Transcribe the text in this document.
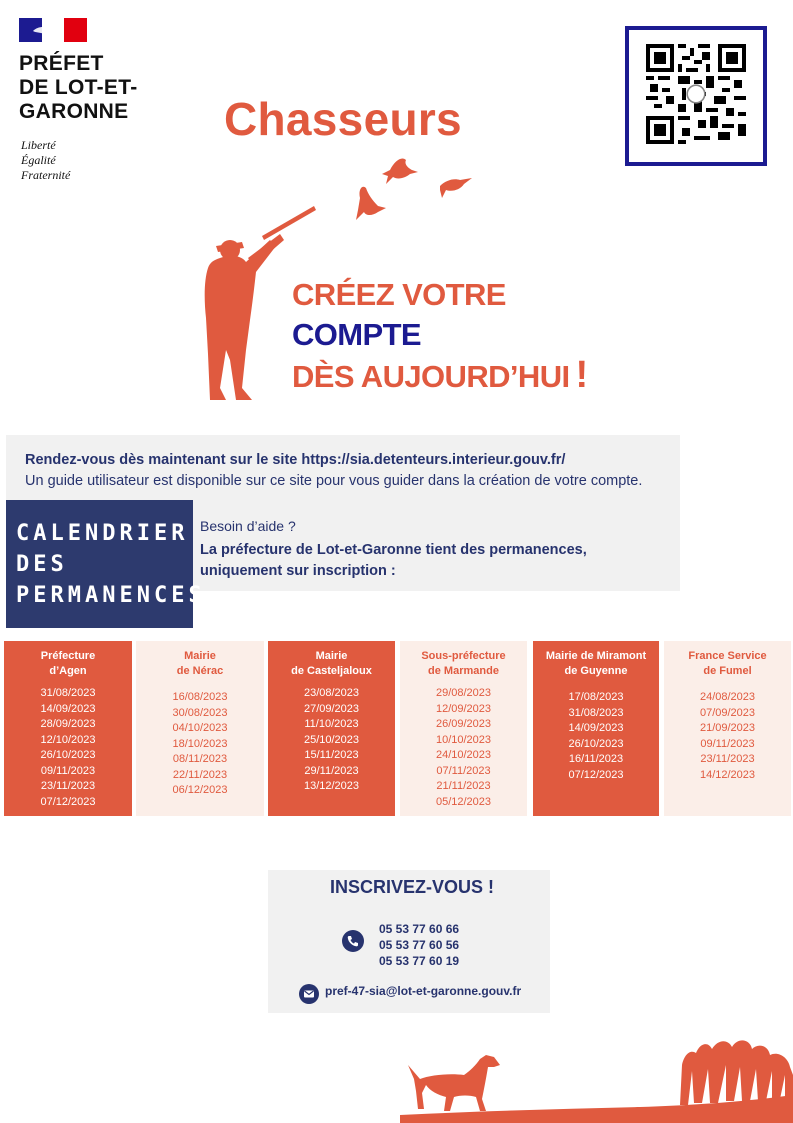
PRÉFET
DE LOT-ET-
GARONNE
Liberté
Égalité
Fraternité
Chasseurs
CRÉEZ VOTRE
COMPTE
DÈS AUJOURD’HUI !
Rendez-vous dès maintenant sur le site https://sia.detenteurs.interieur.gouv.fr/
Un guide utilisateur est disponible sur ce site pour vous guider dans la création de votre compte.
Besoin d’aide ?
La préfecture de Lot-et-Garonne tient des permanences, uniquement sur inscription :
CALENDRIER
DES
PERMANENCES
Préfecture
d’Agen
31/08/2023
14/09/2023
28/09/2023
12/10/2023
26/10/2023
09/11/2023
23/11/2023
07/12/2023
Mairie
de Nérac
16/08/2023
30/08/2023
04/10/2023
18/10/2023
08/11/2023
22/11/2023
06/12/2023
Mairie
de Casteljaloux
23/08/2023
27/09/2023
11/10/2023
25/10/2023
15/11/2023
29/11/2023
13/12/2023
Sous-préfecture
de Marmande
29/08/2023
12/09/2023
26/09/2023
10/10/2023
24/10/2023
07/11/2023
21/11/2023
05/12/2023
Mairie de Miramont
de Guyenne
17/08/2023
31/08/2023
14/09/2023
26/10/2023
16/11/2023
07/12/2023
France Service
de Fumel
24/08/2023
07/09/2023
21/09/2023
09/11/2023
23/11/2023
14/12/2023
INSCRIVEZ-VOUS !
05 53 77 60 66
05 53 77 60 56
05 53 77 60 19
pref-47-sia@lot-et-garonne.gouv.fr
